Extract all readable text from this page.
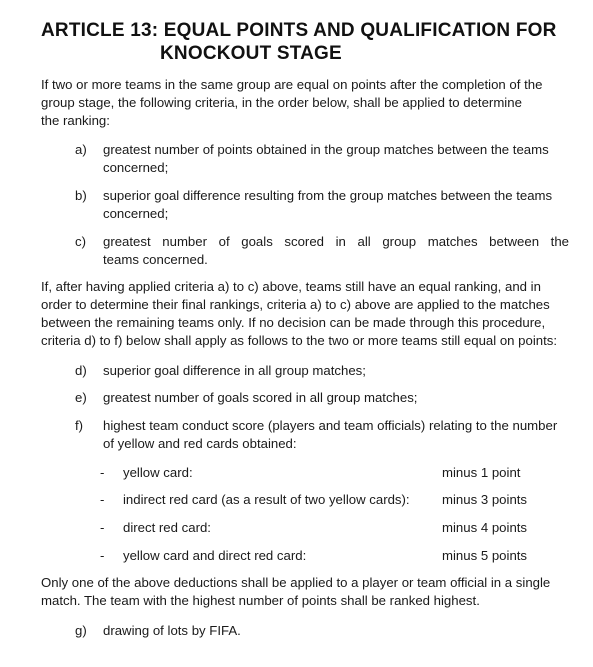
ARTICLE 13: EQUAL POINTS AND QUALIFICATION FOR
KNOCKOUT STAGE
If two or more teams in the same group are equal on points after the completion of the
group stage, the following criteria, in the order below, shall be applied to determine
the ranking:
a)	greatest number of points obtained in the group matches between the teams
concerned;
b)	superior goal difference resulting from the group matches between the teams
concerned;
c)	greatest number of goals scored in all group matches between the
teams concerned.
If, after having applied criteria a) to c) above, teams still have an equal ranking, and in
order to determine their final rankings, criteria a) to c) above are applied to the matches
between the remaining teams only. If no decision can be made through this procedure,
criteria d) to f) below shall apply as follows to the two or more teams still equal on points:
d)	superior goal difference in all group matches;
e)	greatest number of goals scored in all group matches;
f)	highest team conduct score (players and team officials) relating to the number
of yellow and red cards obtained:
- yellow card:	minus 1 point
- indirect red card (as a result of two yellow cards): minus 3 points
- direct red card:	minus 4 points
- yellow card and direct red card:	minus 5 points
Only one of the above deductions shall be applied to a player or team official in a single
match. The team with the highest number of points shall be ranked highest.
g)	drawing of lots by FIFA.
